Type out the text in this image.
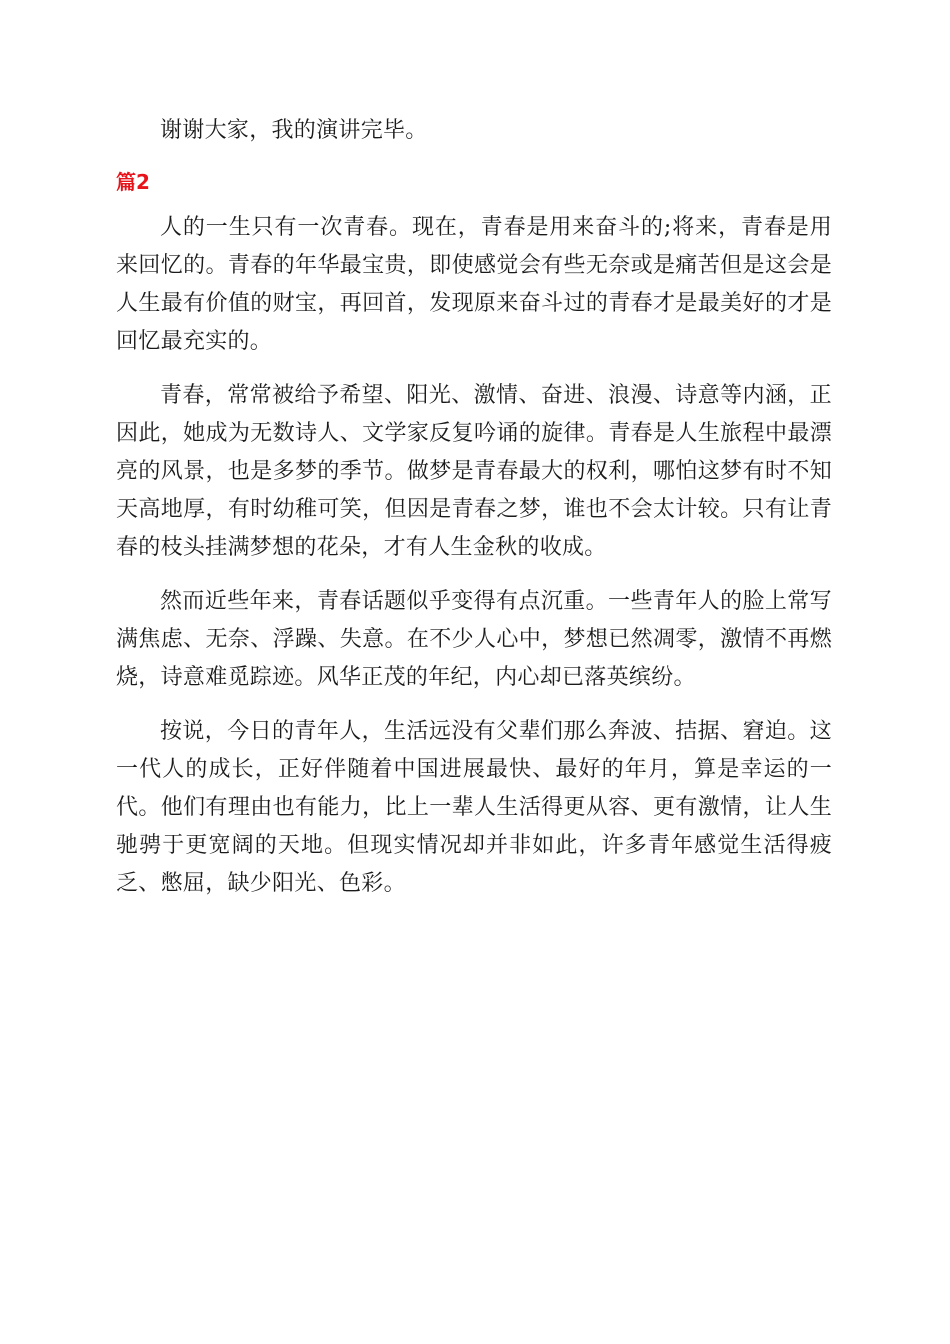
谢谢大家，我的演讲完毕。

篇2

人的一生只有一次青春。现在，青春是用来奋斗的;将来，青春是用来回忆的。青春的年华最宝贵，即使感觉会有些无奈或是痛苦但是这会是人生最有价值的财宝，再回首，发现原来奋斗过的青春才是最美好的才是回忆最充实的。

青春，常常被给予希望、阳光、激情、奋进、浪漫、诗意等内涵，正因此，她成为无数诗人、文学家反复吟诵的旋律。青春是人生旅程中最漂亮的风景，也是多梦的季节。做梦是青春最大的权利，哪怕这梦有时不知天高地厚，有时幼稚可笑，但因是青春之梦，谁也不会太计较。只有让青春的枝头挂满梦想的花朵，才有人生金秋的收成。

然而近些年来，青春话题似乎变得有点沉重。一些青年人的脸上常写满焦虑、无奈、浮躁、失意。在不少人心中，梦想已然凋零，激情不再燃烧，诗意难觅踪迹。风华正茂的年纪，内心却已落英缤纷。

按说，今日的青年人，生活远没有父辈们那么奔波、拮据、窘迫。这一代人的成长，正好伴随着中国进展最快、最好的年月，算是幸运的一代。他们有理由也有能力，比上一辈人生活得更从容、更有激情，让人生驰骋于更宽阔的天地。但现实情况却并非如此，许多青年感觉生活得疲乏、憋屈，缺少阳光、色彩。
